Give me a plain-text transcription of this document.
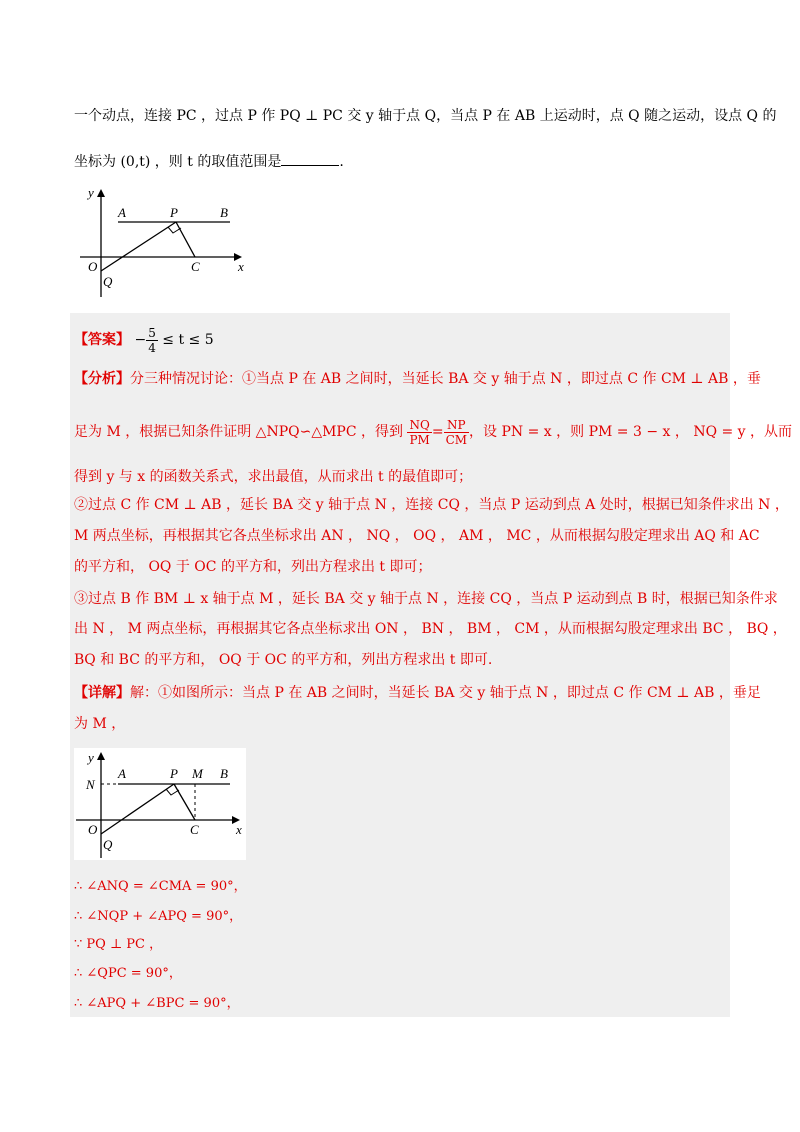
一个动点，连接 PC ，过点 P 作 PQ ⊥ PC 交 y 轴于点 Q，当点 P 在 AB 上运动时，点 Q 随之运动，设点 Q 的
坐标为 (0,t) ，则 t 的取值范围是	.
y
x
A	P	B
O	C
Q
【答案】 − $\frac{5}{4} \le t \le 5$
【分析】分三种情况讨论：①当点 P 在 AB 之间时，当延长 BA 交 y 轴于点 N ，即过点 C 作 CM ⊥ AB ，垂
足为 M ，根据已知条件证明 △NPQ∽△MPC ，得到 $\frac{NQ}{PM} = \frac{NP}{CM}$ ，设 PN = x ，则 PM = 3 − x ， NQ = y ，从而
得到 y 与 x 的函数关系式，求出最值，从而求出 t 的最值即可；
②过点 C 作 CM ⊥ AB ，延长 BA 交 y 轴于点 N ，连接 CQ ，当点 P 运动到点 A 处时，根据已知条件求出 N ，
M 两点坐标，再根据其它各点坐标求出 AN ， NQ ， OQ ， AM ， MC ，从而根据勾股定理求出 AQ 和 AC
的平方和， OQ 于 OC 的平方和，列出方程求出 t 即可；
③过点 B 作 BM ⊥ x 轴于点 M ，延长 BA 交 y 轴于点 N ，连接 CQ ，当点 P 运动到点 B 时，根据已知条件求
出 N ， M 两点坐标，再根据其它各点坐标求出 ON ， BN ， BM ， CM ，从而根据勾股定理求出 BC ， BQ ，
BQ 和 BC 的平方和， OQ 于 OC 的平方和，列出方程求出 t 即可.
【详解】解：①如图所示：当点 P 在 AB 之间时，当延长 BA 交 y 轴于点 N ，即过点 C 作 CM ⊥ AB ，垂足
为 M ，
y
x
N
A	P M B
O	C
Q
∴ ∠ANQ = ∠CMA = 90°，
∴ ∠NQP + ∠APQ = 90°，
∵ PQ ⊥ PC ，
∴ ∠QPC = 90°，
∴ ∠APQ + ∠BPC = 90°，
